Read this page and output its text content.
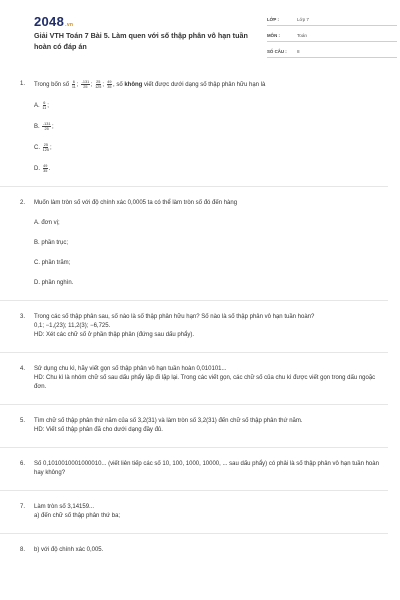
2048.vn
Giải VTH Toán 7 Bài 5. Làm quen với số thập phân vô hạn tuần hoàn có đáp án
LỚP :	Lớp 7
MÔN :	Toán
SỐ CÂU :	8
1. Trong bốn số $\frac{6}{11}$ ; $\frac{-131}{25}$ ; $\frac{25}{125}$ ; $\frac{49}{35}$ , số không viết được dưới dạng số thập phân hữu hạn là
A. $\frac{6}{11}$ ;
B. $\frac{-131}{25}$ ;
C. $\frac{25}{125}$ ;
D. $\frac{49}{35}$ .
2. Muốn làm tròn số với độ chính xác 0,0005 ta có thể làm tròn số đó đến hàng
A. đơn vị;
B. phần trục;
C. phần trăm;
D. phần nghìn.
3. Trong các số thập phân sau, số nào là số thập phân hữu hạn? Số nào là số thập phân vô hạn tuần hoàn?
0,1; −1,(23); 11,2(3); −6,725.
HD: Xét các chữ số ở phần thập phân (đứng sau dấu phẩy).
4. Sử dụng chu kì, hãy viết gọn số thập phân vô hạn tuần hoàn 0,010101...
HD: Chu kì là nhóm chữ số sau dấu phẩy lặp đi lặp lại. Trong các viết gọn, các chữ số của chu kì được viết gọn trong dấu ngoặc đơn.
5. Tìm chữ số thập phân thứ năm của số 3,2(31) và làm tròn số 3,2(31) đến chữ số thập phân thứ năm.
HD: Viết số thập phân đã cho dưới dạng đầy đủ.
6. Số 0,1010010001000010... (viết liên tiếp các số 10, 100, 1000, 10000, ... sau dấu phẩy) có phải là số thập phân vô hạn tuần hoàn hay không?
7. Làm tròn số 3,14159...
a) đến chữ số thập phân thứ ba;
8. b) với độ chính xác 0,005.
